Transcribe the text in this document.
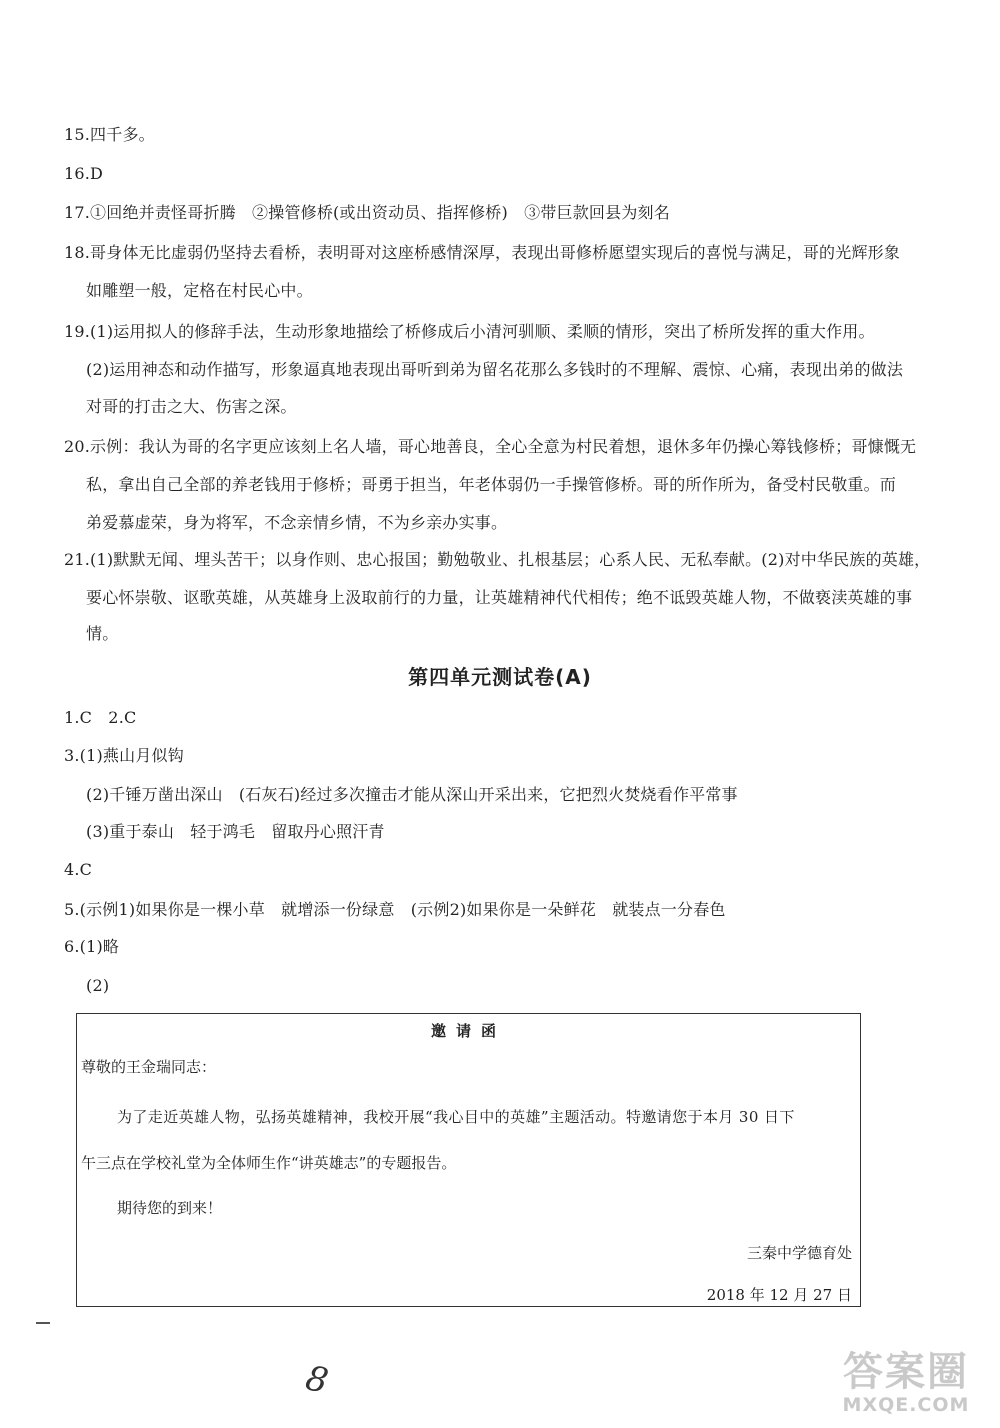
15.四千多。
16.D
17.①回绝并责怪哥折腾　②操管修桥(或出资动员、指挥修桥)　③带巨款回县为刻名
18.哥身体无比虚弱仍坚持去看桥，表明哥对这座桥感情深厚，表现出哥修桥愿望实现后的喜悦与满足，哥的光辉形象
如雕塑一般，定格在村民心中。
19.(1)运用拟人的修辞手法，生动形象地描绘了桥修成后小清河驯顺、柔顺的情形，突出了桥所发挥的重大作用。
(2)运用神态和动作描写，形象逼真地表现出哥听到弟为留名花那么多钱时的不理解、震惊、心痛，表现出弟的做法
对哥的打击之大、伤害之深。
20.示例：我认为哥的名字更应该刻上名人墙，哥心地善良，全心全意为村民着想，退休多年仍操心筹钱修桥；哥慷慨无
私，拿出自己全部的养老钱用于修桥；哥勇于担当，年老体弱仍一手操管修桥。哥的所作所为，备受村民敬重。而
弟爱慕虚荣，身为将军，不念亲情乡情，不为乡亲办实事。
21.(1)默默无闻、埋头苦干；以身作则、忠心报国；勤勉敬业、扎根基层；心系人民、无私奉献。(2)对中华民族的英雄，
要心怀崇敬、讴歌英雄，从英雄身上汲取前行的力量，让英雄精神代代相传；绝不诋毁英雄人物，不做亵渎英雄的事
情。
第四单元测试卷(A)
1.C　2.C
3.(1)燕山月似钩
(2)千锤万凿出深山　(石灰石)经过多次撞击才能从深山开采出来，它把烈火焚烧看作平常事
(3)重于泰山　轻于鸿毛　留取丹心照汗青
4.C
5.(示例1)如果你是一棵小草　就增添一份绿意　(示例2)如果你是一朵鲜花　就装点一分春色
6.(1)略
(2)
邀请函
尊敬的王金瑞同志：
为了走近英雄人物，弘扬英雄精神，我校开展“我心目中的英雄”主题活动。特邀请您于本月 30 日下
午三点在学校礼堂为全体师生作“讲英雄志”的专题报告。
期待您的到来！
三秦中学德育处
2018 年 12 月 27 日
8	答案圈
MXQE.COM
